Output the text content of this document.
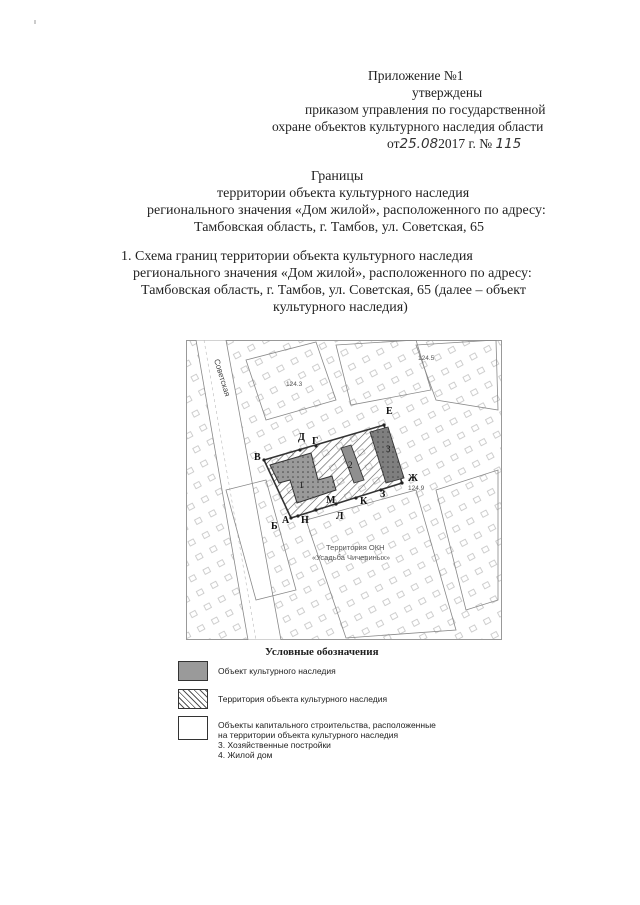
Приложение №1
утверждены
приказом управления по государственной
охране объектов культурного наследия области
от25.082017 г. № 115
Границы
территории объекта культурного наследия
регионального значения «Дом жилой», расположенного по адресу:
Тамбовская область, г. Тамбов, ул. Советская, 65
1. Схема границ территории объекта культурного наследия
регионального значения «Дом жилой», расположенного по адресу:
Тамбовская область, г. Тамбов, ул. Советская, 65 (далее – объект
культурного наследия)
А
Б
В
Г
Д
Е
Ж
З
К
Л
М
Н
1
2
3
Советская	124.3
124.9
124.5
Территория ОКН
«Усадьба Чичериных»
Условные обозначения
Объект культурного наследия
Территория объекта культурного наследия
Объекты капитального строительства, расположенные
на территории объекта культурного наследия
3. Хозяйственные постройки
4. Жилой дом
